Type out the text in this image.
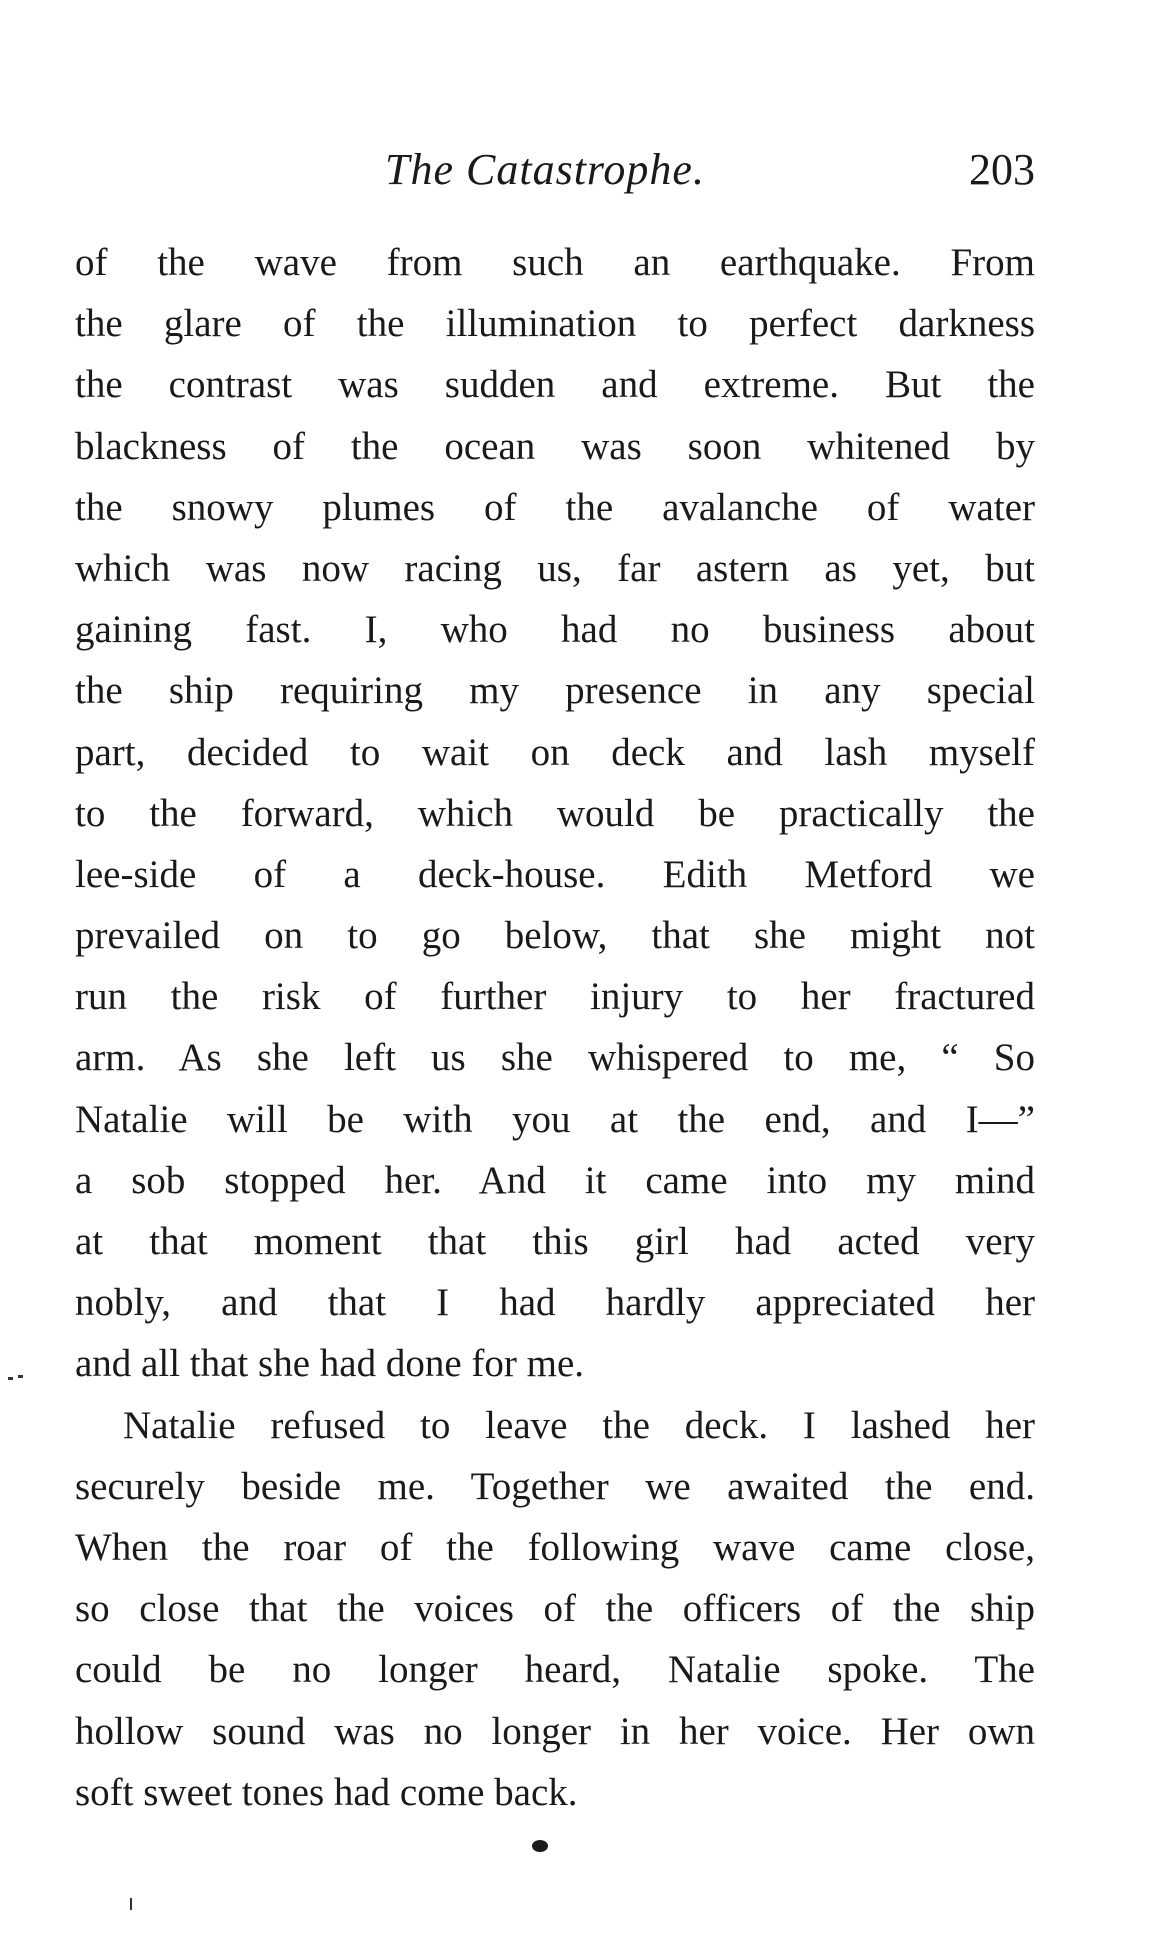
The Catastrophe.	203
of the wave from such an earthquake. From
the glare of the illumination to perfect darkness
the contrast was sudden and extreme. But the
blackness of the ocean was soon whitened by
the snowy plumes of the avalanche of water
which was now racing us, far astern as yet, but
gaining fast. I, who had no business about
the ship requiring my presence in any special
part, decided to wait on deck and lash myself
to the forward, which would be practically the
lee-side of a deck-house. Edith Metford we
prevailed on to go below, that she might not
run the risk of further injury to her fractured
arm. As she left us she whispered to me, “ So
Natalie will be with you at the end, and I—”
a sob stopped her. And it came into my mind
at that moment that this girl had acted very
nobly, and that I had hardly appreciated her
and all that she had done for me.
Natalie refused to leave the deck. I lashed her
securely beside me. Together we awaited the end.
When the roar of the following wave came close,
so close that the voices of the officers of the ship
could be no longer heard, Natalie spoke. The
hollow sound was no longer in her voice. Her own
soft sweet tones had come back.
